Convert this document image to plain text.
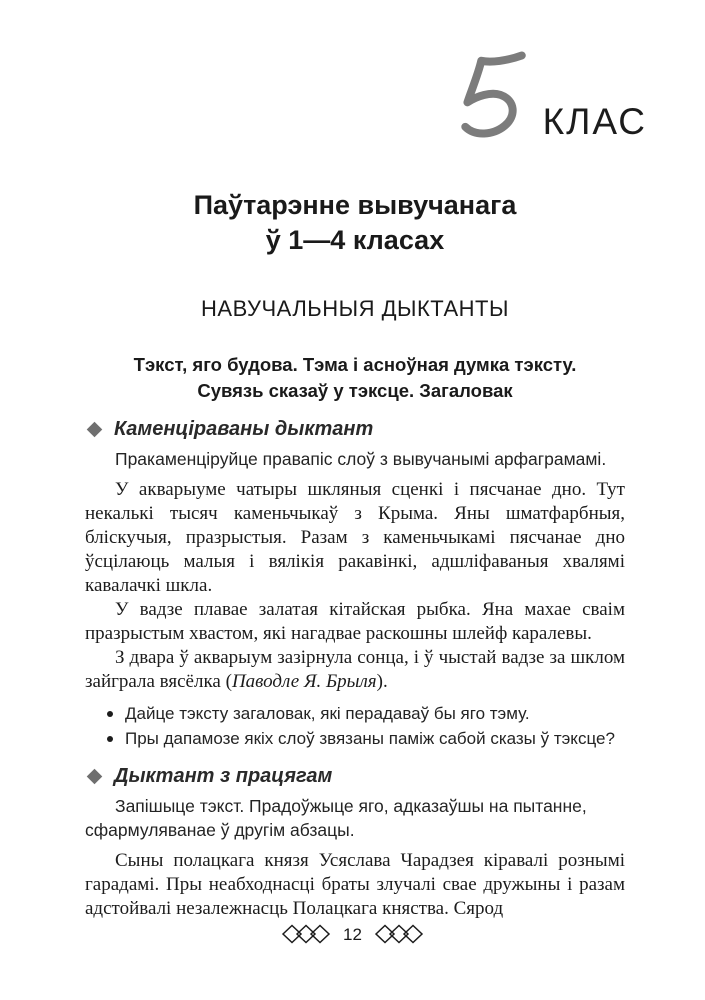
КЛАС
Паўтарэнне вывучанага
ў 1—4 класах
НАВУЧАЛЬНЫЯ ДЫКТАНТЫ
Тэкст, яго будова. Тэма і асноўная думка тэксту.
Сувязь сказаў у тэксце. Загаловак
Каменціраваны дыктант

Пракаменціруйце правапіс слоў з вывучанымі арфаграмамі.

У акварыуме чатыры шкляныя сценкі і пясчанае дно. Тут некалькі тысяч каменьчыкаў з Крыма. Яны шматфарбныя, бліскучыя, празрыстыя. Разам з каменьчыкамі пясчанае дно ўсцілаюць малыя і вялікія ракавінкі, адшліфаваныя хвалямі кавалачкі шкла.

У вадзе плавае залатая кітайская рыбка. Яна махае сваім празрыстым хвастом, які нагадвае раскошны шлейф каралевы.

З двара ў акварыум зазірнула сонца, і ў чыстай вадзе за шклом зайграла вясёлка (Паводле Я. Брыля).

Дайце тэксту загаловак, які перадаваў бы яго тэму.
Пры дапамозе якіх слоў звязаны паміж сабой сказы ў тэксце?
Дыктант з працягам

Запішыце тэкст. Прадоўжыце яго, адказаўшы на пытанне, сфармуляванае ў другім абзацы.

Сыны полацкага князя Усяслава Чарадзея кіравалі рознымі гарадамі. Пры неабходнасці браты злучалі свае дружыны і разам адстойвалі незалежнасць Полацкага княства. Сярод

12
